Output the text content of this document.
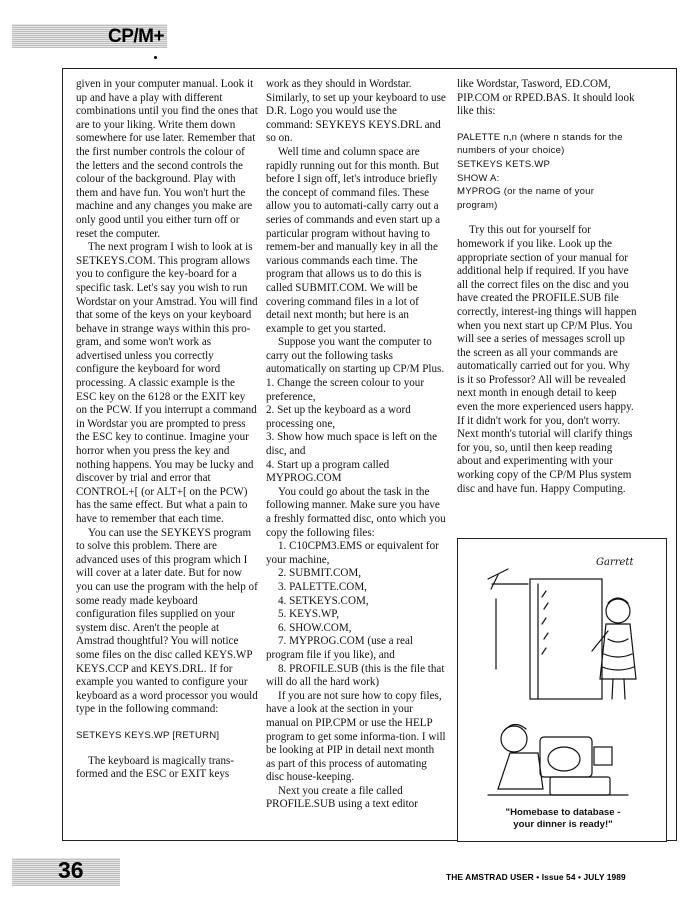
CP/M+

given in your computer manual. Look it up and have a play with different combinations until you find the ones that are to your liking. Write them down somewhere for use later. Remember that the first number controls the colour of the letters and the second controls the colour of the background. Play with them and have fun. You won't hurt the machine and any changes you make are only good until you either turn off or reset the computer.

The next program I wish to look at is SETKEYS.COM. This program allows you to configure the key-board for a specific task. Let's say you wish to run Wordstar on your Amstrad. You will find that some of the keys on your keyboard behave in strange ways within this pro-gram, and some won't work as advertised unless you correctly configure the keyboard for word processing. A classic example is the ESC key on the 6128 or the EXIT key on the PCW. If you interrupt a command in Wordstar you are prompted to press the ESC key to continue. Imagine your horror when you press the key and nothing happens. You may be lucky and discover by trial and error that CONTROL+[ (or ALT+[ on the PCW) has the same effect. But what a pain to have to remember that each time.

You can use the SEYKEYS program to solve this problem. There are advanced uses of this program which I will cover at a later date. But for now you can use the program with the help of some ready made keyboard configuration files supplied on your system disc. Aren't the people at Amstrad thoughtful? You will notice some files on the disc called KEYS.WP KEYS.CCP and KEYS.DRL. If for example you wanted to configure your keyboard as a word processor you would type in the following command:

SETKEYS KEYS.WP [RETURN]

The keyboard is magically trans-formed and the ESC or EXIT keys

work as they should in Wordstar. Similarly, to set up your keyboard to use D.R. Logo you would use the command: SEYKEYS KEYS.DRL and so on.

Well time and column space are rapidly running out for this month. But before I sign off, let's introduce briefly the concept of command files. These allow you to automati-cally carry out a series of commands and even start up a particular program without having to remem-ber and manually key in all the various commands each time. The program that allows us to do this is called SUBMIT.COM. We will be covering command files in a lot of detail next month; but here is an example to get you started.

Suppose you want the computer to carry out the following tasks automatically on starting up CP/M Plus.

1. Change the screen colour to your preference,

2. Set up the keyboard as a word processing one,

3. Show how much space is left on the disc, and

4. Start up a program called MYPROG.COM

You could go about the task in the following manner. Make sure you have a freshly formatted disc, onto which you copy the following files:

1. C10CPM3.EMS or equivalent for your machine,

2. SUBMIT.COM,

3. PALETTE.COM,

4. SETKEYS.COM,

5. KEYS.WP,

6. SHOW.COM,

7. MYPROG.COM (use a real program file if you like), and

8. PROFILE.SUB (this is the file that will do all the hard work)

If you are not sure how to copy files, have a look at the section in your manual on PIP.CPM or use the HELP program to get some informa-tion. I will be looking at PIP in detail next month as part of this process of automating disc house-keeping.

Next you create a file called PROFILE.SUB using a text editor

like Wordstar, Tasword, ED.COM, PIP.COM or RPED.BAS. It should look like this:

PALETTE n,n (where n stands for the numbers of your choice)

SETKEYS KETS.WP

SHOW A:

MYPROG (or the name of your program)

Try this out for yourself for homework if you like. Look up the appropriate section of your manual for additional help if required. If you have all the correct files on the disc and you have created the PROFILE.SUB file correctly, interest-ing things will happen when you next start up CP/M Plus. You will see a series of messages scroll up the screen as all your commands are automatically carried out for you. Why is it so Professor? All will be revealed next month in enough detail to keep even the more experienced users happy. If it didn't work for you, don't worry. Next month's tutorial will clarify things for you, so, until then keep reading about and experimenting with your working copy of the CP/M Plus system disc and have fun. Happy Computing.

"Homebase to database -
your dinner is ready!"
Garrett
36	THE AMSTRAD USER • Issue 54 • JULY 1989
